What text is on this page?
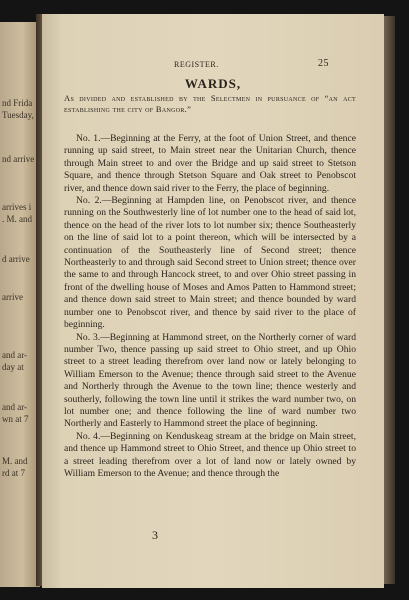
nd Frida
Tuesday,
nd arrive
arrives i
. M. and
d arrive
arrive
and ar-
day at
and ar-
wn at 7
M. and
rd at 7
REGISTER.	25
WARDS,
As divided and established by the Selectmen in pursuance of “an act establishing the city of Bangor.”

No. 1.—Beginning at the Ferry, at the foot of Union Street, and thence running up said street, to Main street near the Unitarian Church, thence through Main street to and over the Bridge and up said street to Stetson Square, and thence through Stetson Square and Oak street to Penobscot river, and thence down said river to the Ferry, the place of beginning.

No. 2.—Beginning at Hampden line, on Penobscot river, and thence running on the Southwesterly line of lot number one to the head of said lot, thence on the head of the river lots to lot number six; thence Southeasterly on the line of said lot to a point thereon, which will be intersected by a continuation of the Southeasterly line of Second street; thence Northeasterly to and through said Second street to Union street; thence over the same to and through Hancock street, to and over Ohio street passing in front of the dwelling house of Moses and Amos Patten to Hammond street; and thence down said street to Main street; and thence bounded by ward number one to Penobscot river, and thence by said river to the place of beginning.

No. 3.—Beginning at Hammond street, on the Northerly corner of ward number Two, thence passing up said street to Ohio street, and up Ohio street to a street leading therefrom over land now or lately belonging to William Emerson to the Avenue; thence through said street to the Avenue and Northerly through the Avenue to the town line; thence westerly and southerly, following the town line until it strikes the ward number two, on lot number one; and thence following the line of ward number two Northerly and Easterly to Hammond street the place of beginning.

No. 4.—Beginning on Kenduskeag stream at the bridge on Main street, and thence up Hammond street to Ohio Street, and thence up Ohio street to a street leading therefrom over a lot of land now or lately owned by William Emerson to the Avenue; and thence through the

3
